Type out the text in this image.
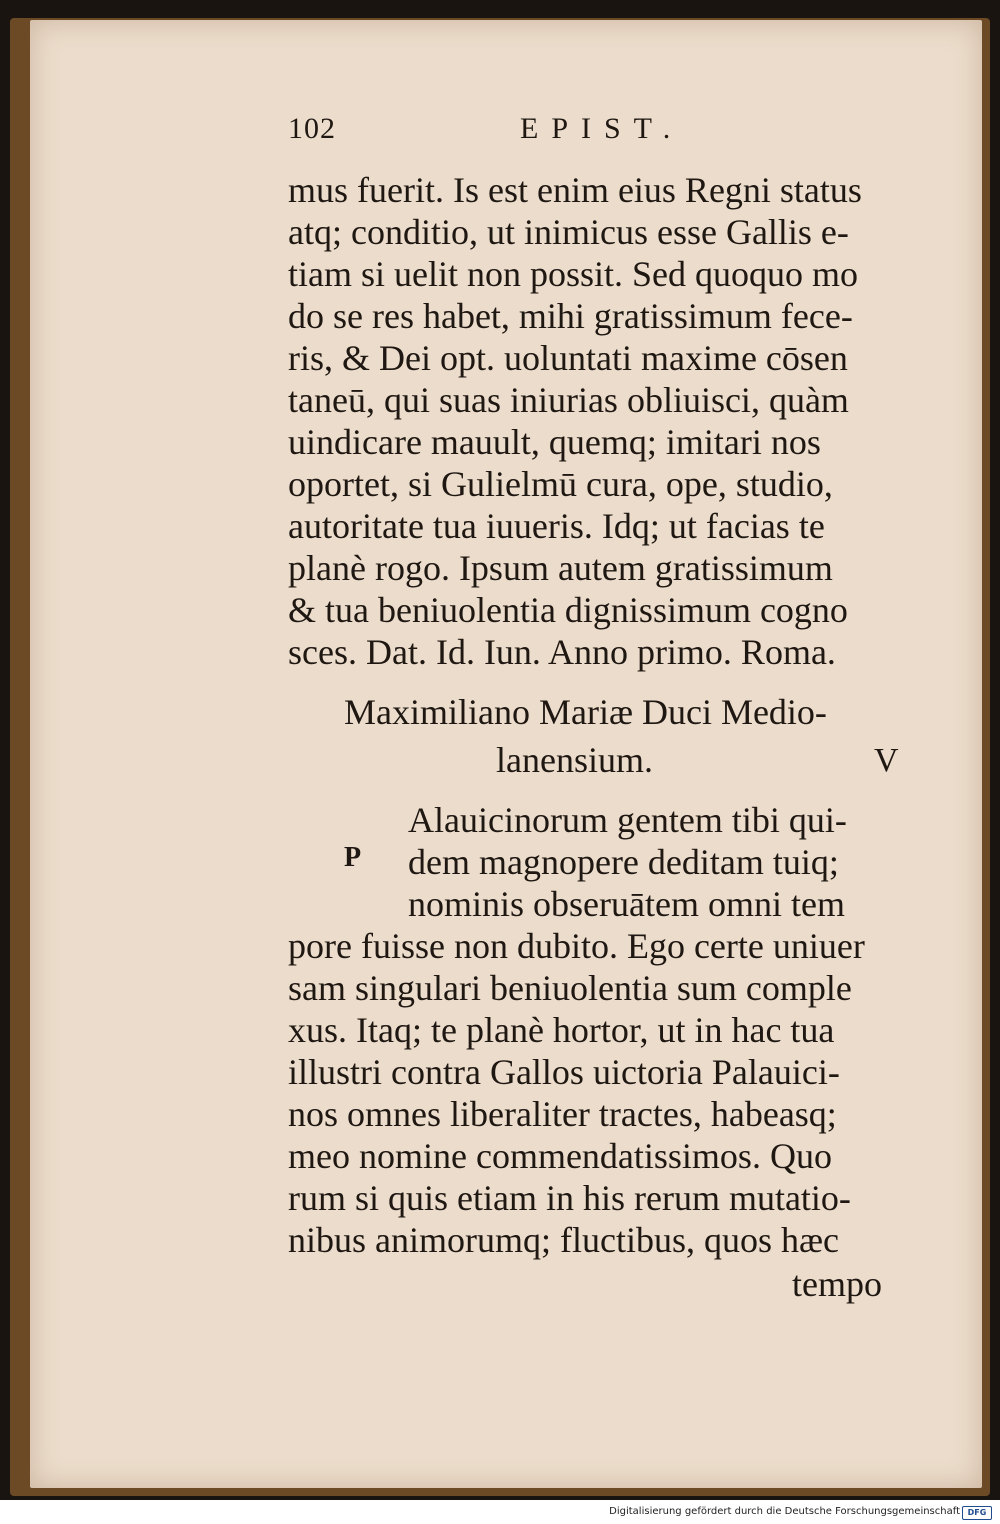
102	EPIST.
mus fuerit. Is est enim eius Regni status
atq; conditio, ut inimicus esse Gallis e-
tiam si uelit non possit. Sed quoquo mo
do se res habet, mihi gratissimum fece-
ris, & Dei opt. uoluntati maxime cōsen
taneū, qui suas iniurias obliuisci, quàm
uindicare mauult, quemq; imitari nos
oportet, si Gulielmū cura, ope, studio,
autoritate tua iuueris. Idq; ut facias te
planè rogo. Ipsum autem gratissimum
& tua beniuolentia dignissimum cogno
sces. Dat. Id. Iun. Anno primo. Roma.
Maximiliano Mariæ Duci Medio-
lanensium.	V
P
Alauicinorum gentem tibi qui-
dem magnopere deditam tuiq;
nominis obseruātem omni tem
pore fuisse non dubito. Ego certe uniuer
sam singulari beniuolentia sum comple
xus. Itaq; te planè hortor, ut in hac tua
illustri contra Gallos uictoria Palauici-
nos omnes liberaliter tractes, habeasq;
meo nomine commendatissimos. Quo
rum si quis etiam in his rerum mutatio-
nibus animorumq; fluctibus, quos hæc
tempo
Digitalisierung gefördert durch die Deutsche Forschungsgemeinschaft DFG
